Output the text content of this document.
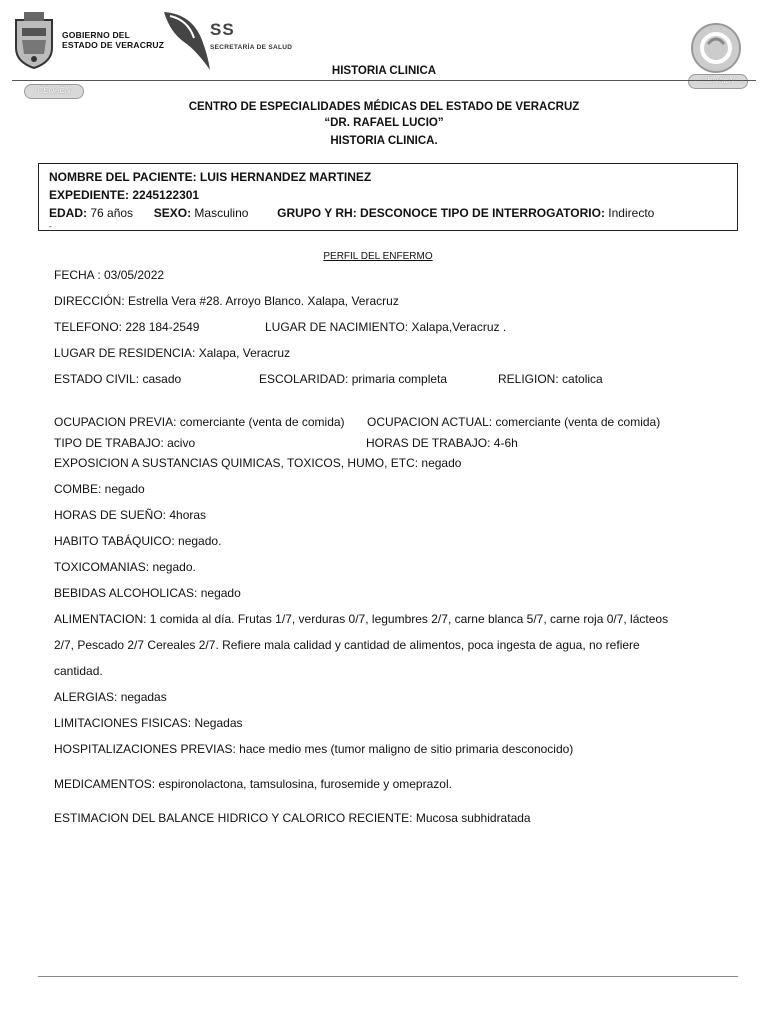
GOBIERNO DEL
ESTADO DE VERACRUZ
SS
SECRETARÍA DE SALUD
CENAEN
HISTORIA CLINICA
CENTRO DE ESPECIALIDADES MÉDICAS DEL ESTADO DE VERACRUZ
“DR. RAFAEL LUCIO”
HISTORIA CLINICA.
NOMBRE DEL PACIENTE: LUIS HERNANDEZ MARTINEZ
EXPEDIENTE: 2245122301
EDAD: 76 años SEXO: Masculino GRUPO Y RH: DESCONOCE TIPO DE INTERROGATORIO: Indirecto
-
PERFIL DEL ENFERMO
FECHA : 03/05/2022
DIRECCIÓN: Estrella Vera #28. Arroyo Blanco. Xalapa, Veracruz
TELEFONO: 228 184-2549	LUGAR DE NACIMIENTO: Xalapa,Veracruz .
LUGAR DE RESIDENCIA: Xalapa, Veracruz
ESTADO CIVIL: casado	ESCOLARIDAD: primaria completa	RELIGION: catolica
OCUPACION PREVIA: comerciante (venta de comida) OCUPACION ACTUAL: comerciante (venta de comida)
TIPO DE TRABAJO: acivo	HORAS DE TRABAJO: 4-6h
EXPOSICION A SUSTANCIAS QUIMICAS, TOXICOS, HUMO, ETC: negado
COMBE: negado
HORAS DE SUEÑO: 4horas
HABITO TABÁQUICO: negado.
TOXICOMANIAS: negado.
BEBIDAS ALCOHOLICAS: negado
ALIMENTACION: 1 comida al día. Frutas 1/7, verduras 0/7, legumbres 2/7, carne blanca 5/7, carne roja 0/7, lácteos
2/7, Pescado 2/7 Cereales 2/7. Refiere mala calidad y cantidad de alimentos, poca ingesta de agua, no refiere
cantidad.
ALERGIAS: negadas
LIMITACIONES FISICAS: Negadas
HOSPITALIZACIONES PREVIAS: hace medio mes (tumor maligno de sitio primaria desconocido)
MEDICAMENTOS: espironolactona, tamsulosina, furosemide y omeprazol.
ESTIMACION DEL BALANCE HIDRICO Y CALORICO RECIENTE: Mucosa subhidratada
